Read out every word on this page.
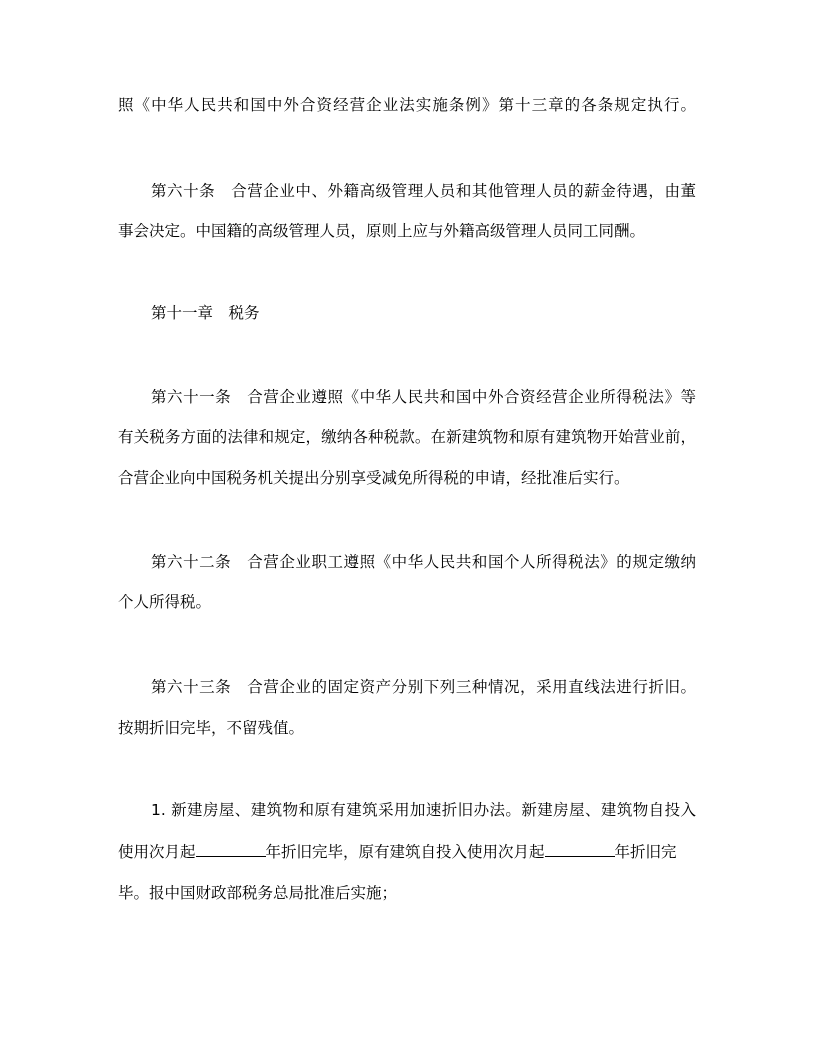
照《中华人民共和国中外合资经营企业法实施条例》第十三章的各条规定执行。
第六十条　合营企业中、外籍高级管理人员和其他管理人员的薪金待遇，由董
事会决定。中国籍的高级管理人员，原则上应与外籍高级管理人员同工同酬。
第十一章　税务
第六十一条　合营企业遵照《中华人民共和国中外合资经营企业所得税法》等
有关税务方面的法律和规定，缴纳各种税款。在新建筑物和原有建筑物开始营业前，
合营企业向中国税务机关提出分别享受减免所得税的申请，经批准后实行。
第六十二条　合营企业职工遵照《中华人民共和国个人所得税法》的规定缴纳
个人所得税。
第六十三条　合营企业的固定资产分别下列三种情况，采用直线法进行折旧。
按期折旧完毕，不留残值。
1. 新建房屋、建筑物和原有建筑采用加速折旧办法。新建房屋、建筑物自投入
使用次月起	年折旧完毕，原有建筑自投入使用次月起	年折旧完
毕。报中国财政部税务总局批准后实施；
